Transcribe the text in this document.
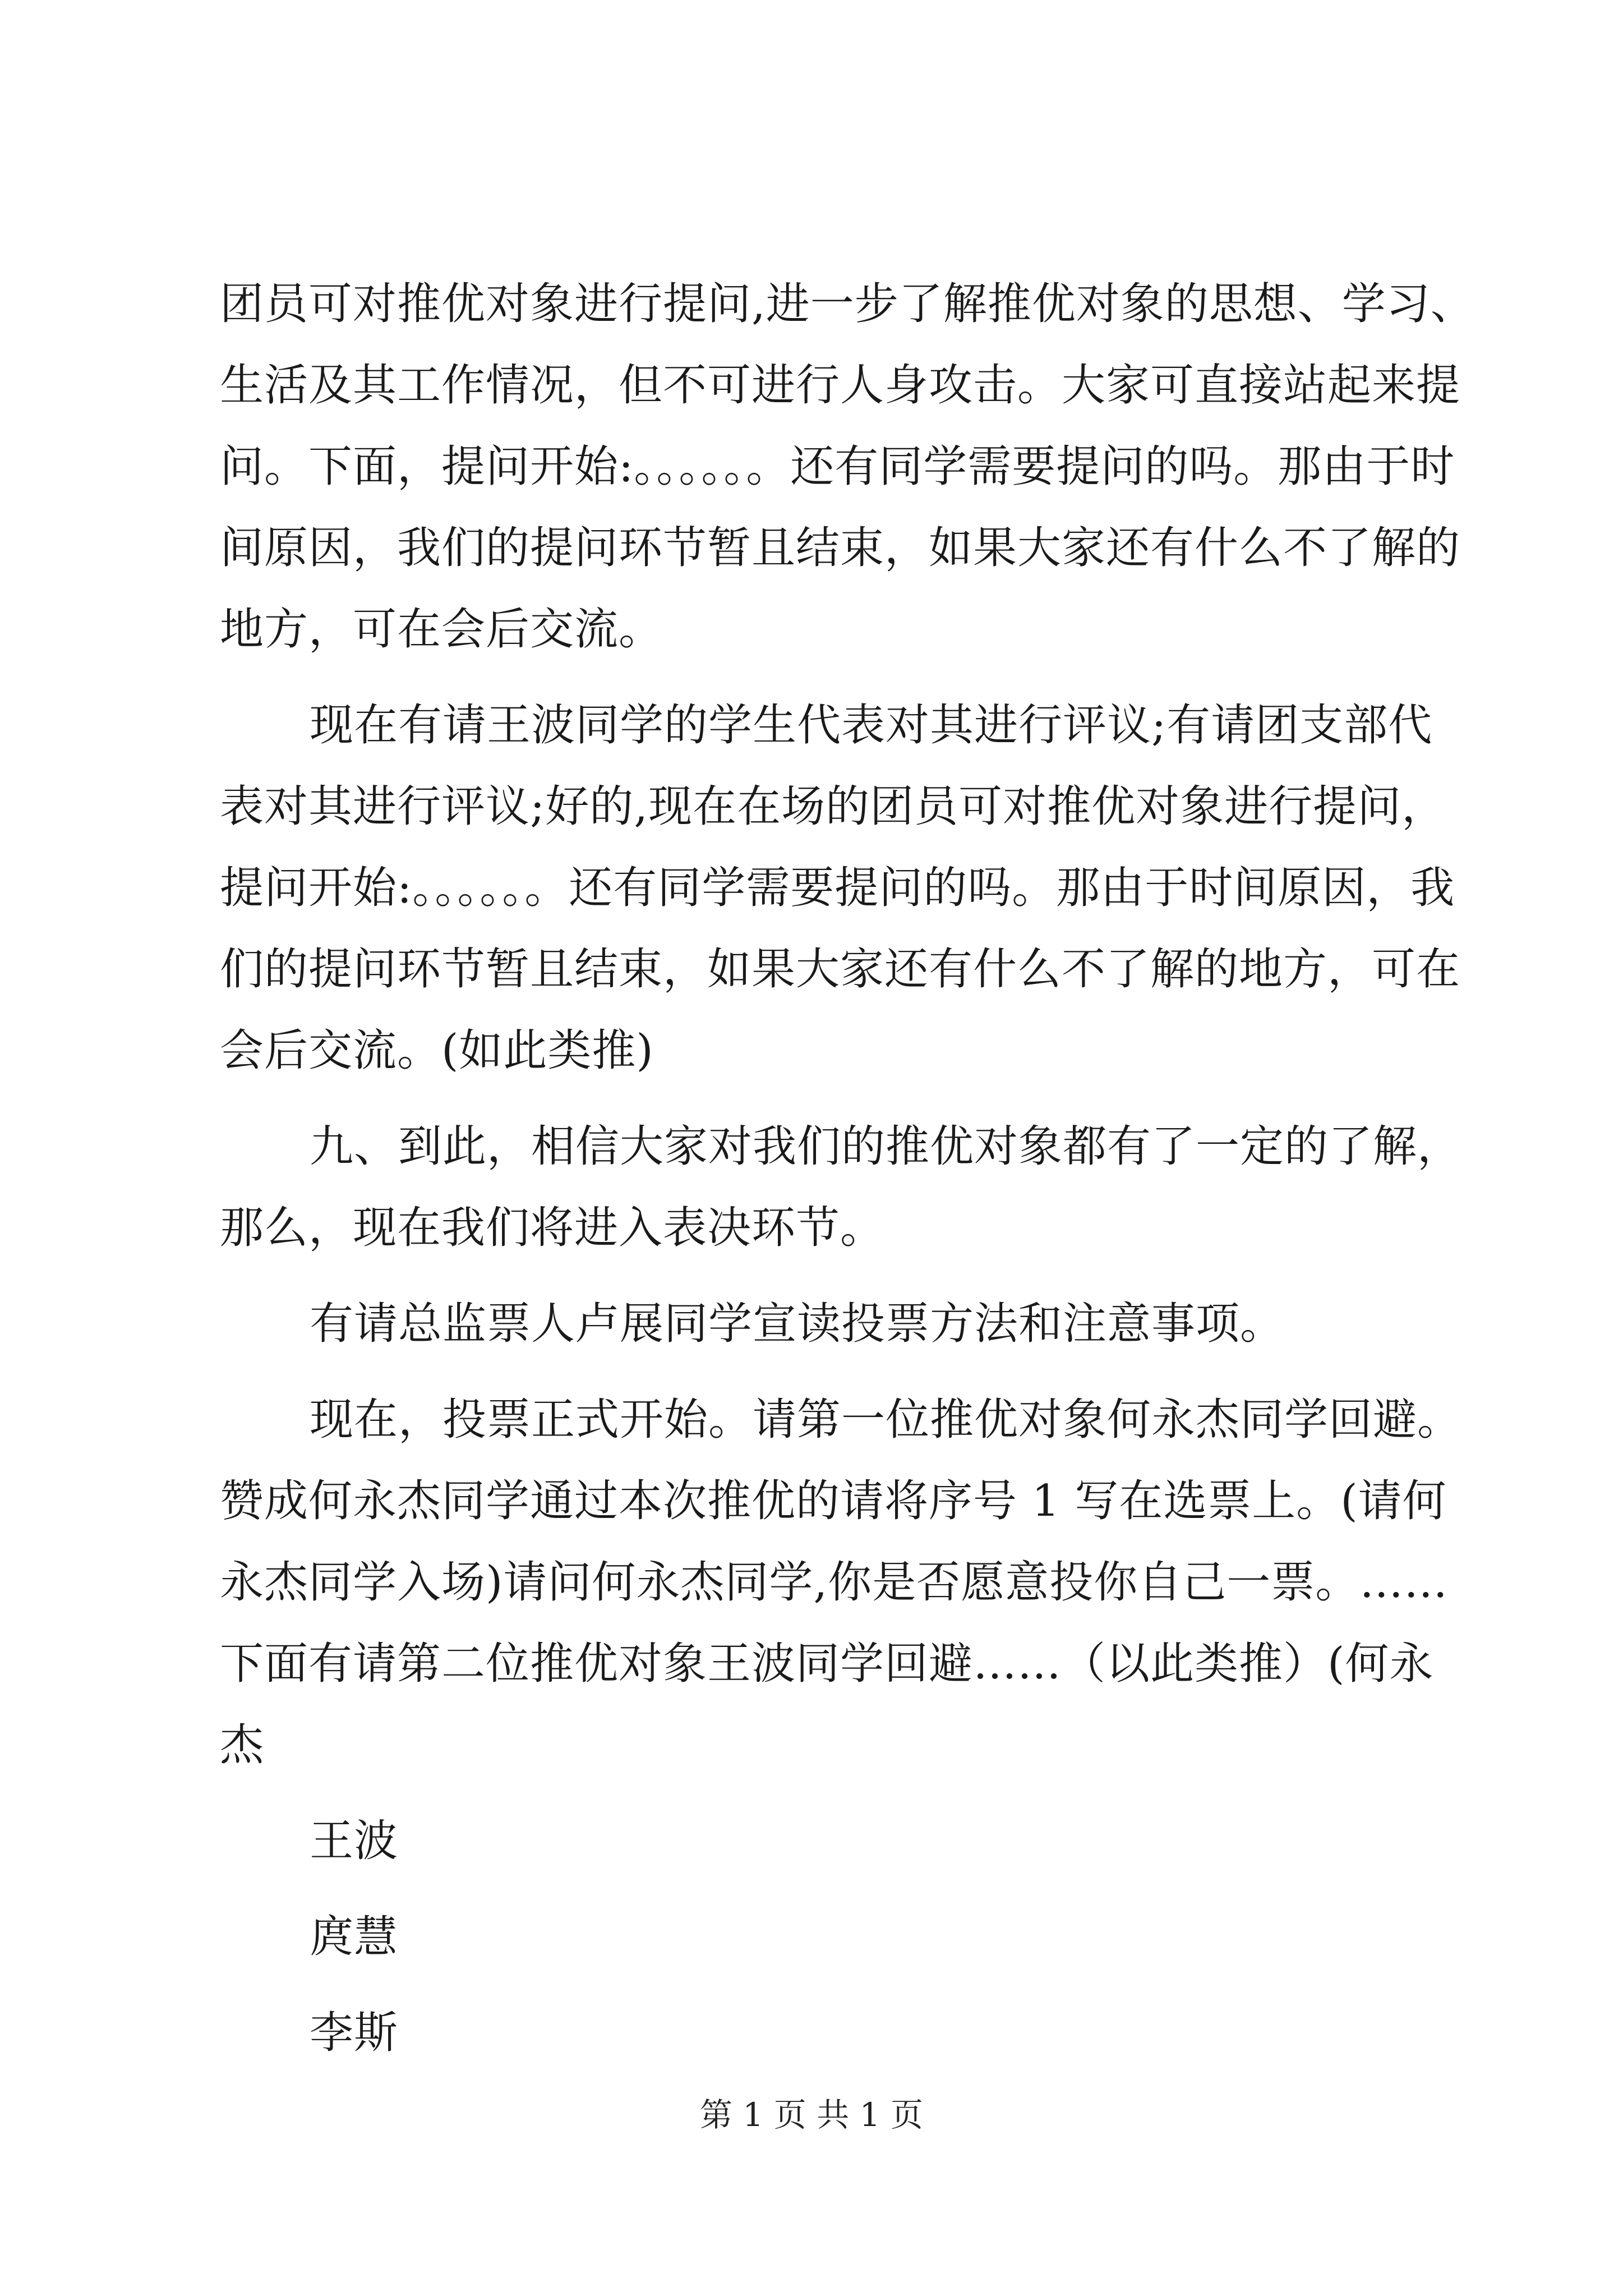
团员可对推优对象进行提问,进一步了解推优对象的思想、学习、
生活及其工作情况，但不可进行人身攻击。大家可直接站起来提
问。下面，提问开始:。。。。。。还有同学需要提问的吗。那由于时
间原因，我们的提问环节暂且结束，如果大家还有什么不了解的
地方，可在会后交流。
现在有请王波同学的学生代表对其进行评议;有请团支部代
表对其进行评议;好的,现在在场的团员可对推优对象进行提问，
提问开始:。。。。。。还有同学需要提问的吗。那由于时间原因，我
们的提问环节暂且结束，如果大家还有什么不了解的地方，可在
会后交流。(如此类推)
九、到此，相信大家对我们的推优对象都有了一定的了解，
那么，现在我们将进入表决环节。
有请总监票人卢展同学宣读投票方法和注意事项。
现在，投票正式开始。请第一位推优对象何永杰同学回避。
赞成何永杰同学通过本次推优的请将序号 1 写在选票上。(请何
永杰同学入场)请问何永杰同学,你是否愿意投你自己一票。……
下面有请第二位推优对象王波同学回避……（以此类推）(何永
杰
王波
庹慧
李斯
第 1 页 共 1 页
